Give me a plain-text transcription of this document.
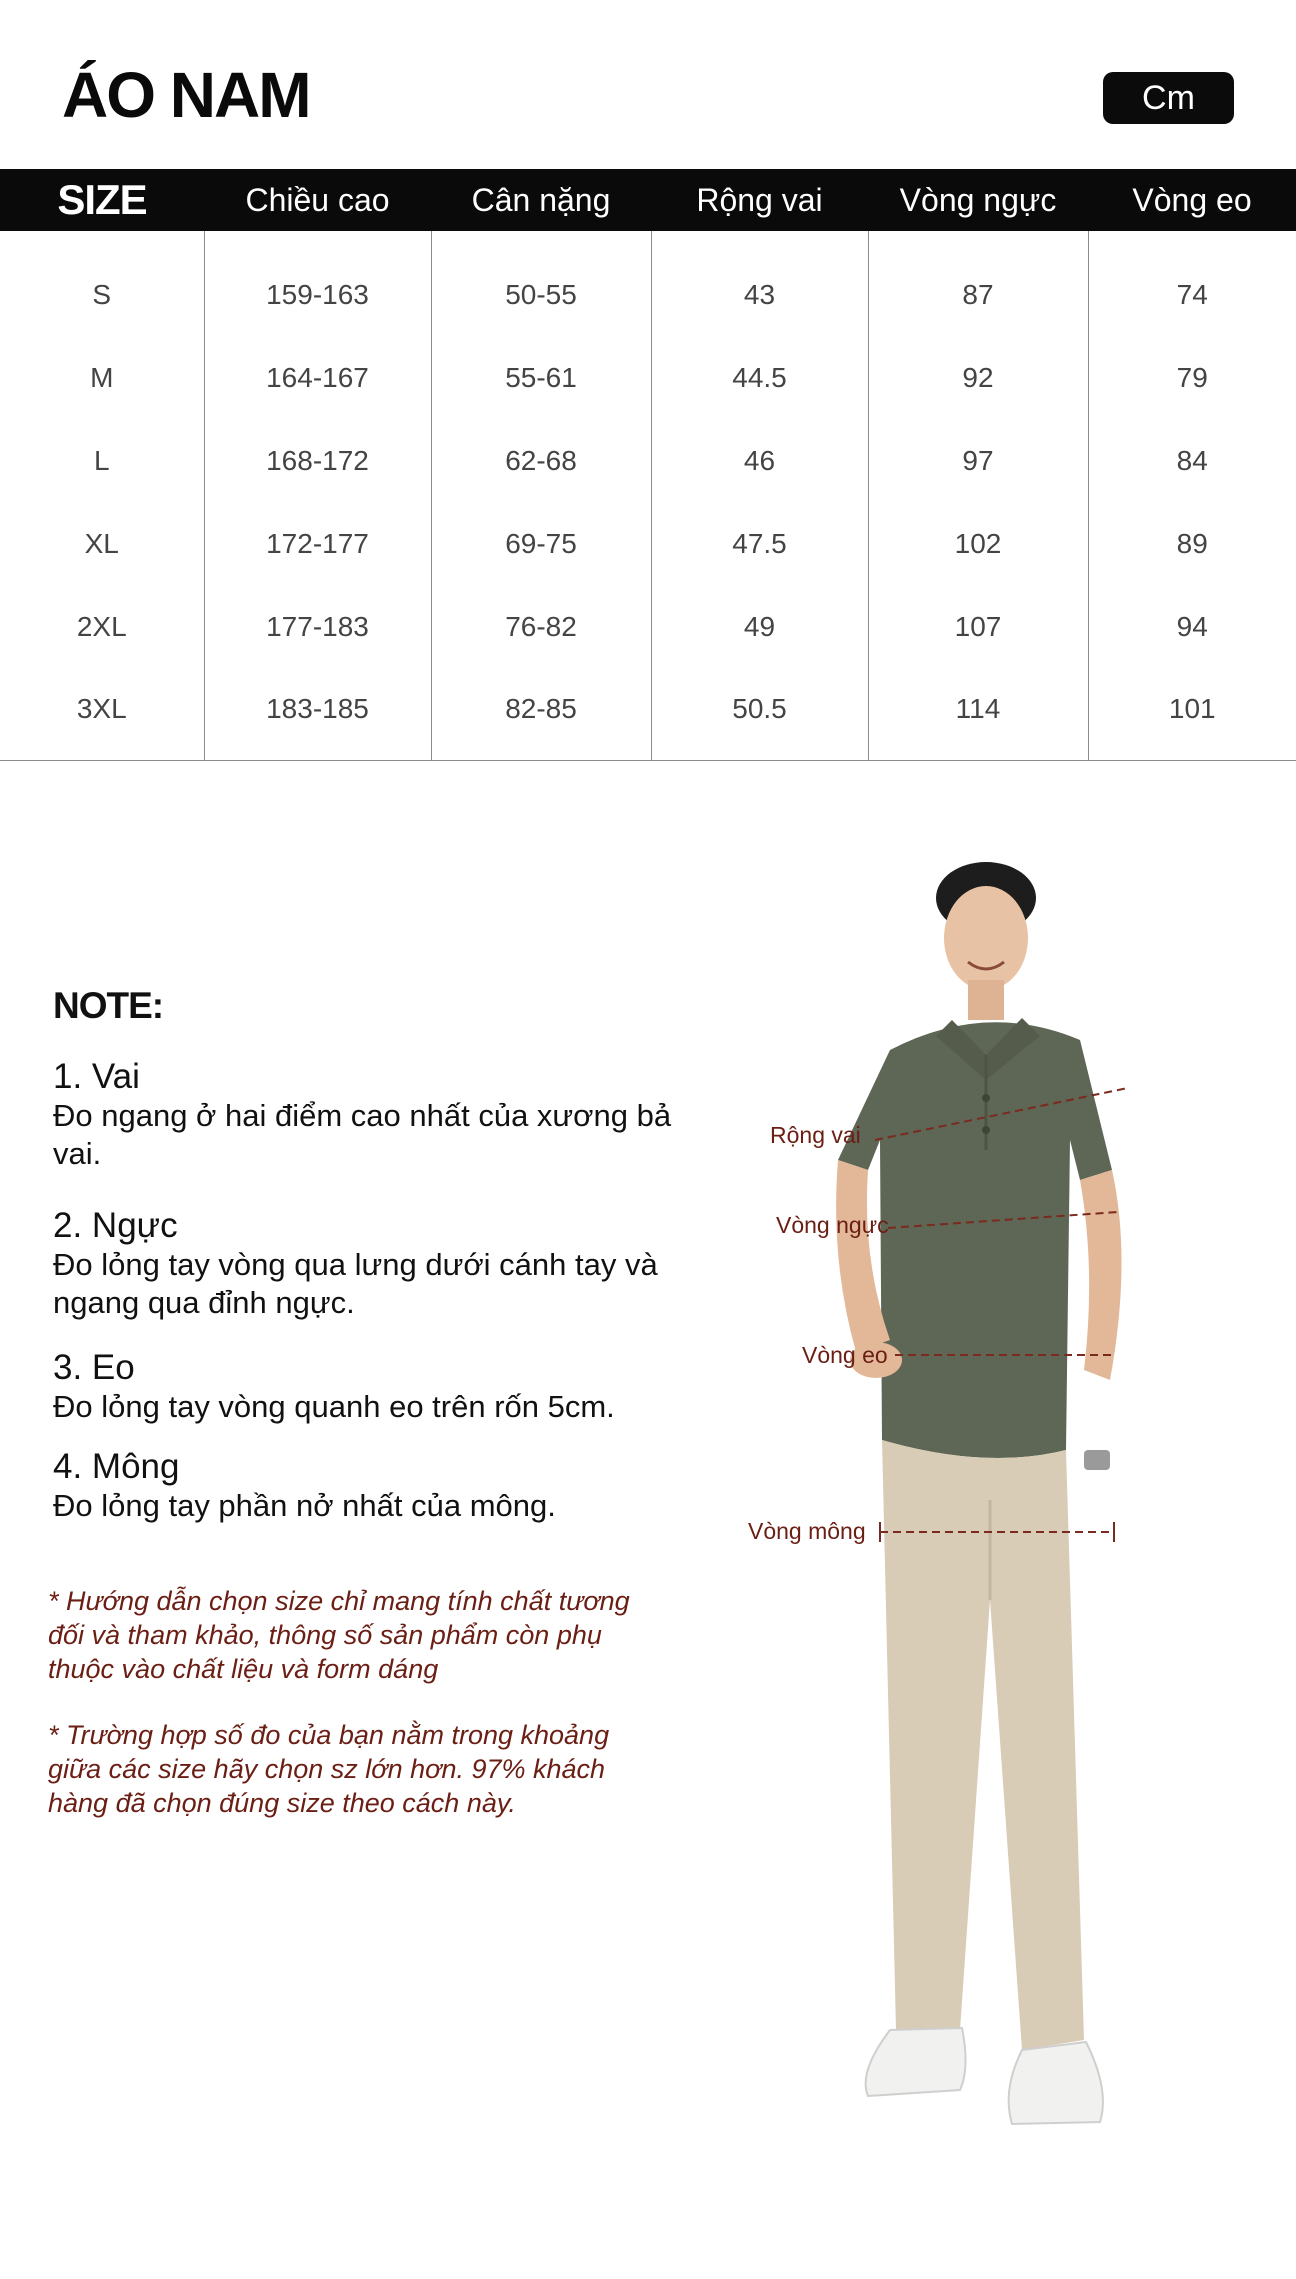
ÁO NAM	Cm
SIZE	Chiều cao	Cân nặng	Rộng vai	Vòng ngực	Vòng eo
S	159-163	50-55	43	87	74
M	164-167	55-61	44.5	92	79
L	168-172	62-68	46	97	84
XL	172-177	69-75	47.5	102	89
2XL	177-183	76-82	49	107	94
3XL	183-185	82-85	50.5	114	101
NOTE:
1. Vai
Đo ngang ở hai điểm cao nhất của xương bả vai.
2. Ngực
Đo lỏng tay vòng qua lưng dưới cánh tay và ngang qua đỉnh ngực.
3. Eo
Đo lỏng tay vòng quanh eo trên rốn 5cm.
4. Mông
Đo lỏng tay phần nở nhất của mông.
* Hướng dẫn chọn size chỉ mang tính chất tương đối và tham khảo, thông số sản phẩm còn phụ thuộc vào chất liệu và form dáng
* Trường hợp số đo của bạn nằm trong khoảng giữa các size hãy chọn sz lớn hơn. 97% khách hàng đã chọn đúng size theo cách này.
Rộng vai
Vòng ngực
Vòng eo
Vòng mông
